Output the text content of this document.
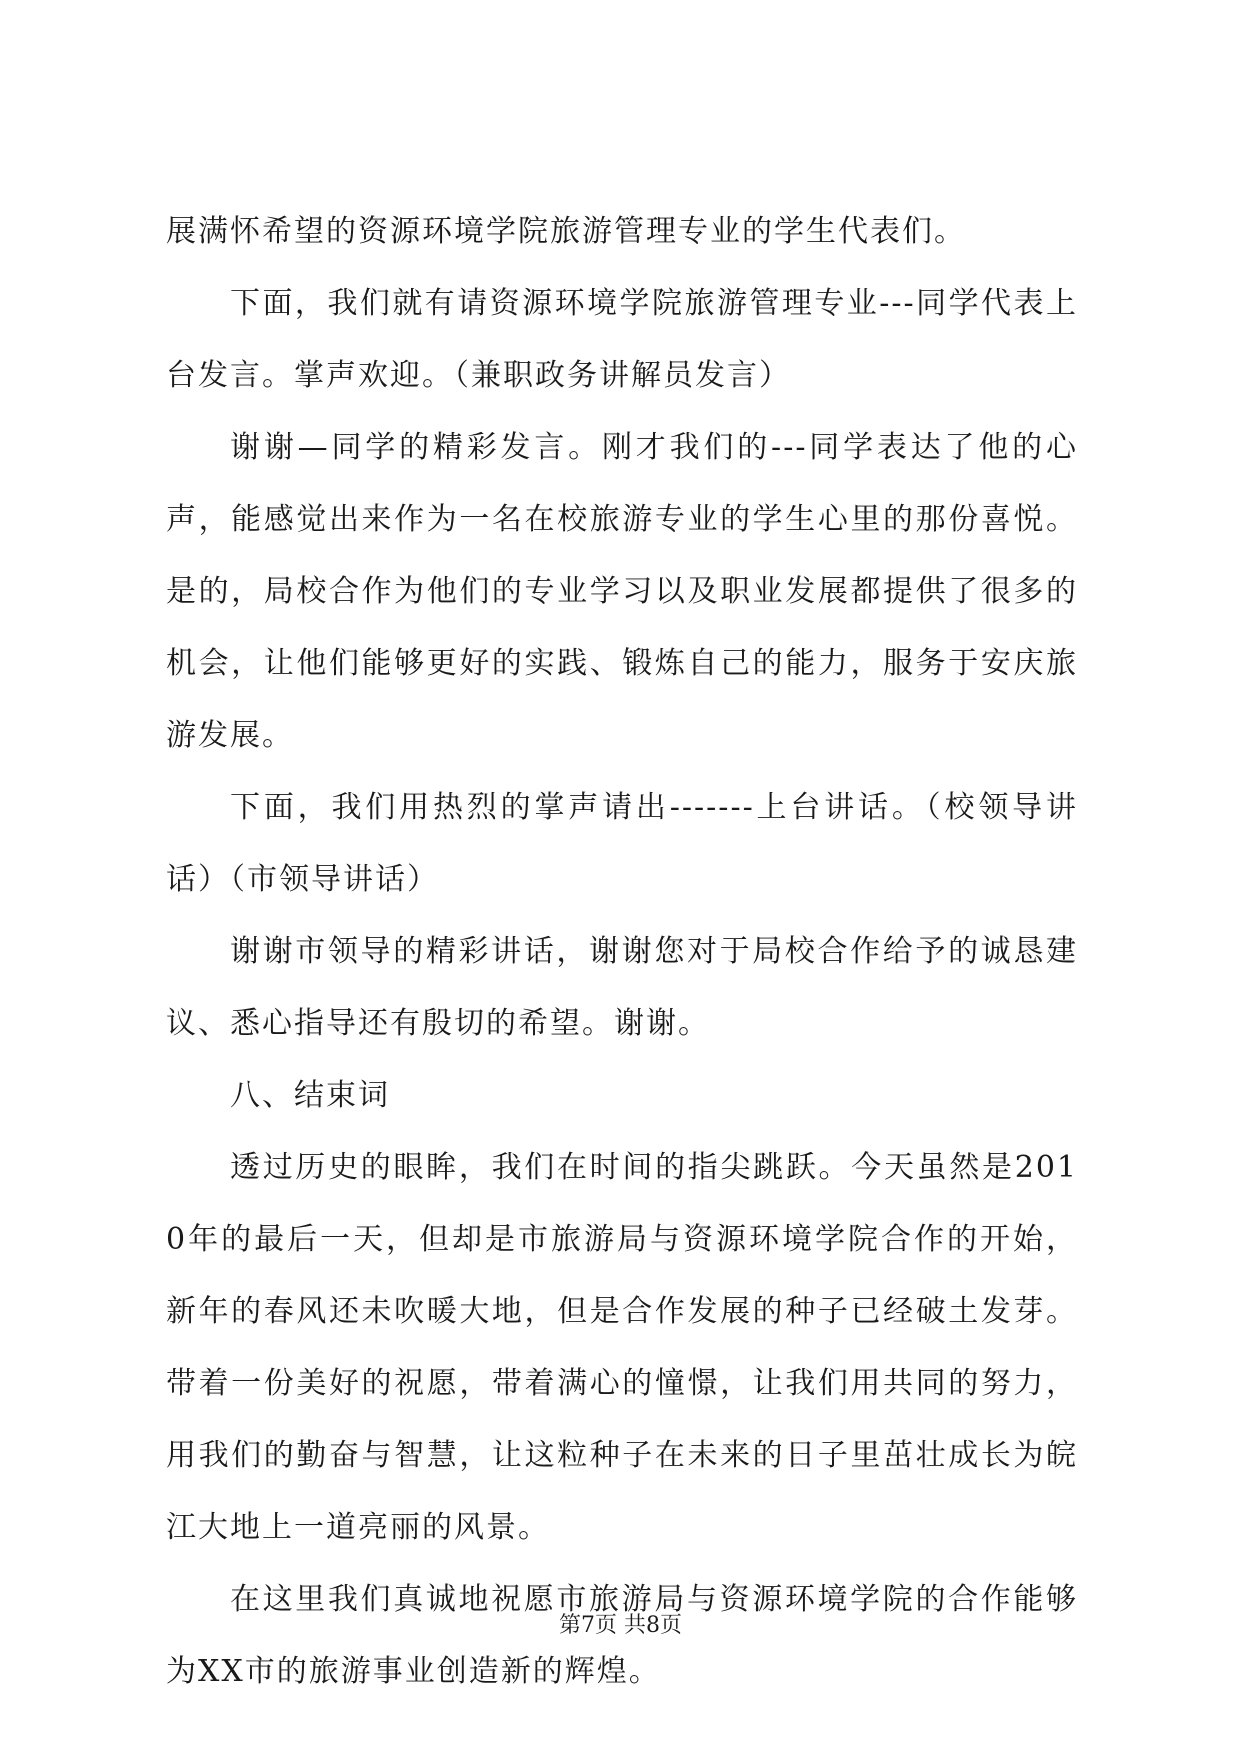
展满怀希望的资源环境学院旅游管理专业的学生代表们。

下面，我们就有请资源环境学院旅游管理专业---同学代表上台发言。掌声欢迎。（兼职政务讲解员发言）

谢谢—同学的精彩发言。刚才我们的---同学表达了他的心声，能感觉出来作为一名在校旅游专业的学生心里的那份喜悦。是的，局校合作为他们的专业学习以及职业发展都提供了很多的机会，让他们能够更好的实践、锻炼自己的能力，服务于安庆旅游发展。

下面，我们用热烈的掌声请出-------上台讲话。（校领导讲话）（市领导讲话）

谢谢市领导的精彩讲话，谢谢您对于局校合作给予的诚恳建议、悉心指导还有殷切的希望。谢谢。

八、结束词

透过历史的眼眸，我们在时间的指尖跳跃。今天虽然是2010年的最后一天，但却是市旅游局与资源环境学院合作的开始，新年的春风还未吹暖大地，但是合作发展的种子已经破土发芽。带着一份美好的祝愿，带着满心的憧憬，让我们用共同的努力，用我们的勤奋与智慧，让这粒种子在未来的日子里茁壮成长为皖江大地上一道亮丽的风景。

在这里我们真诚地祝愿市旅游局与资源环境学院的合作能够为XX市的旅游事业创造新的辉煌。

第7页 共8页
